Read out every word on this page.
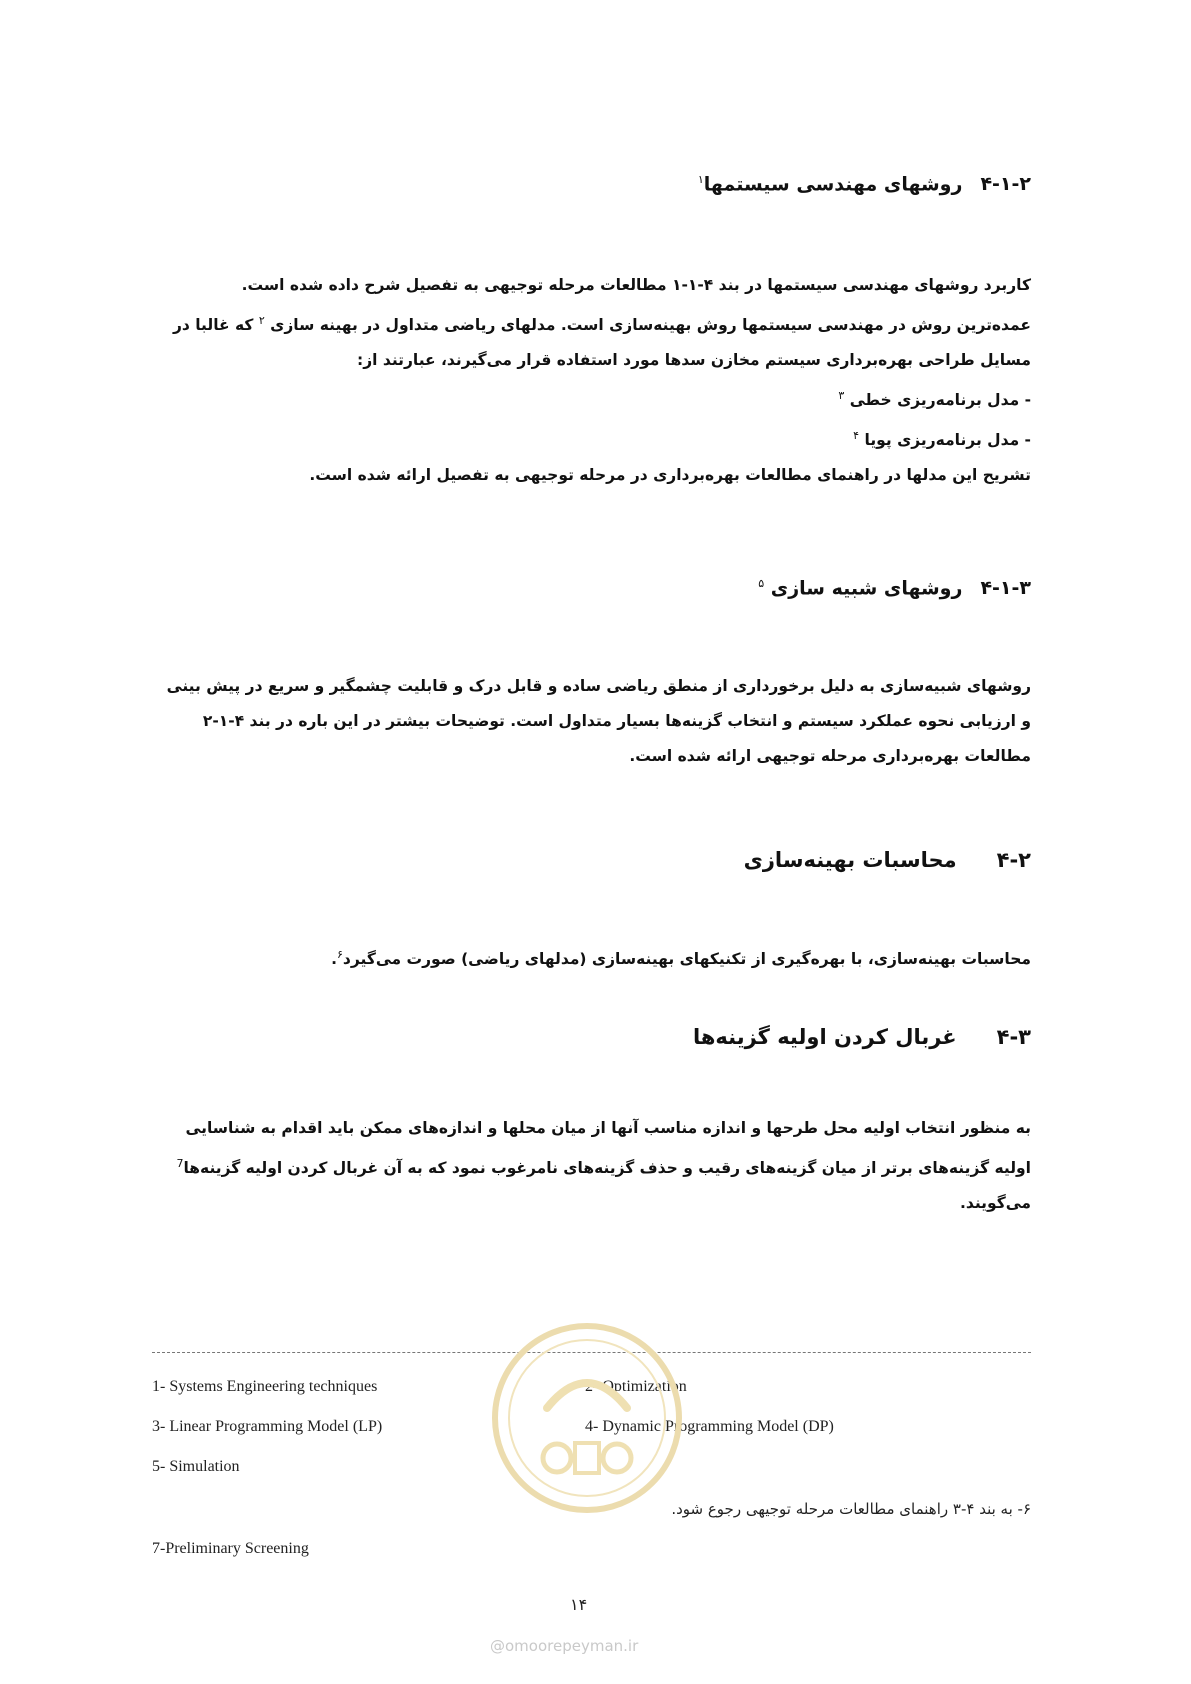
۴-۱-۲روشهای مهندسی سیستمها$^۱$
کاربرد روشهای مهندسی سیستمها در بند ۴-۱-۱ مطالعات مرحله توجیهی به تفصیل شرح داده شده است.
عمده‌ترین روش در مهندسی سیستمها روش بهینه‌سازی است. مدلهای ریاضی متداول در بهینه سازی $^۲$ که غالبا در
مسایل طراحی بهره‌برداری سیستم مخازن سدها مورد استفاده قرار می‌گیرند، عبارتند از:
- مدل برنامه‌ریزی خطی $^۳$
- مدل برنامه‌ریزی پویا $^۴$
تشریح این مدلها در راهنمای مطالعات بهره‌برداری در مرحله توجیهی به تفصیل ارائه شده است.
۴-۱-۳روشهای شبیه سازی $^۵$
روشهای شبیه‌سازی به دلیل برخورداری از منطق ریاضی ساده و قابل درک و قابلیت چشمگیر و سریع در پیش بینی
و ارزیابی نحوه عملکرد سیستم و انتخاب گزینه‌ها بسیار متداول است. توضیحات بیشتر در این باره در بند ۴-۱-۲
مطالعات بهره‌برداری مرحله توجیهی ارائه شده است.
۴-۲محاسبات بهینه‌سازی
محاسبات بهینه‌سازی، با بهره‌گیری از تکنیکهای بهینه‌سازی (مدلهای ریاضی) صورت می‌گیرد$^۶$.
۴-۳غربال کردن اولیه گزینه‌ها
به منظور انتخاب اولیه محل طرحها و اندازه مناسب آنها از میان محلها و اندازه‌های ممکن باید اقدام به شناسایی
اولیه گزینه‌های برتر از میان گزینه‌های رقیب و حذف گزینه‌های نامرغوب نمود که به آن غربال کردن اولیه گزینه‌ها$^7$
می‌گویند.
1- Systems Engineering techniques	2- Optimization
3- Linear Programming Model (LP)	4- Dynamic Programming Model (DP)
5- Simulation
۶- به بند ۴-۳ راهنمای مطالعات مرحله توجیهی رجوع شود.
7-Preliminary Screening
۱۴
@omoorepeyman.ir
